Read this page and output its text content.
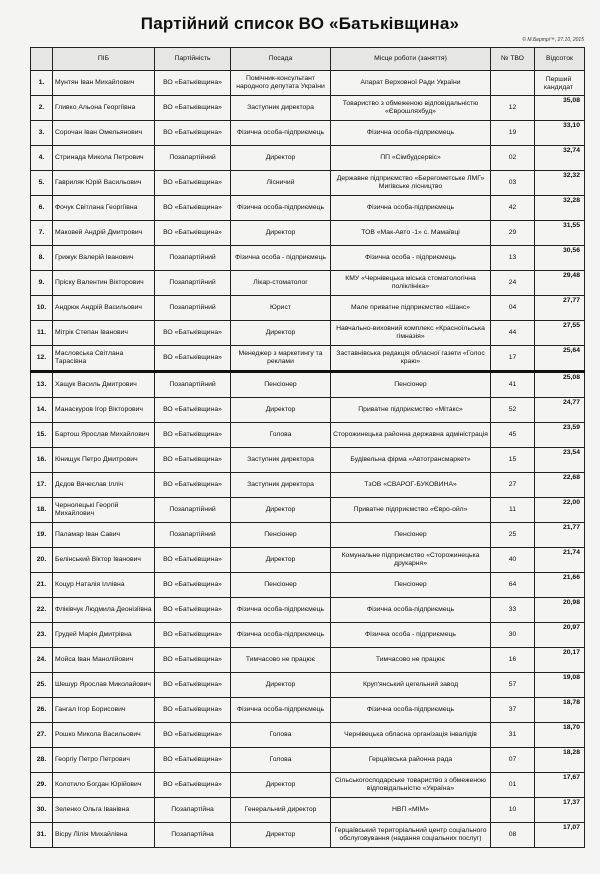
Партійний список ВО «Батьківщина»
© М.Бертрі™, 27.10, 2015
	ПІБ	Партійність	Посада	Місце роботи (заняття)	№ ТВО	Відсоток
1.	Мунтян Іван Михайлович	ВО «Батьківщина»	Помічник-консультант народного депутата України	Апарат Верховної Ради України		Перший кандидат
2.	Гливко Альона Георгіївна	ВО «Батьківщина»	Заступник директора	Товариство з обмеженою відповідальністю «Єврошляхбуд»	12	35,08
3.	Сорочан Іван Омельянович	ВО «Батьківщина»	Фізична особа-підприємець	Фізична особа-підприємець	19	33,10
4.	Стринада Микола Петрович	Позапартійний	Директор	ПП «Сімбудсервіс»	02	32,74
5.	Гавриляк Юрій Васильович	ВО «Батьківщина»	Лісничий	Державне підприємство «Берегометське ЛМГ» Мигівське лісництво	03	32,32
6.	Фочук Світлана Георгіївна	ВО «Батьківщина»	Фізична особа-підприємець	Фізична особа-підприємець	42	32,28
7.	Маковей Андрій Дмитрович	ВО «Батьківщина»	Директор	ТОВ «Мак-Авто -1» с. Мамаївці	29	31,55
8.	Грижук Валерій Іванович	Позапартійний	Фізична особа - підприємець	Фізична особа - підприємець	13	30,56
9.	Пріску Валентин Вікторович	Позапартійний	Лікар-стоматолог	КМУ «Чернівецька міська стоматологічна поліклініка»	24	29,48
10.	Андрюк Андрій Васильович	Позапартійний	Юрист	Мале приватне підприємство «Шанс»	04	27,77
11.	Мітрік Степан Іванович	ВО «Батьківщина»	Директор	Навчально-виховний комплекс «Красноїльська гімназія»	44	27,55
12.	Масловська Світлана Тарасівна	ВО «Батьківщина»	Менеджер з маркетингу та реклами	Заставнівська редакція обласної газети «Голос краю»	17	25,64
13.	Хащук Василь Дмитрович	Позапартійний	Пенсіонер	Пенсіонер	41	25,08
14.	Манаскуров Ігор Вікторович	ВО «Батьківщина»	Директор	Приватне підприємство «Мітакс»	52	24,77
15.	Бартош Ярослав Михайлович	ВО «Батьківщина»	Голова	Сторожинецька районна державна адміністрація	45	23,59
16.	Кінищук Петро Дмитрович	ВО «Батьківщина»	Заступник директора	Будівельна фірма «Автотрансмаркет»	15	23,54
17.	Дєдов Вячеслав Ілліч	ВО «Батьківщина»	Заступник директора	ТзОВ «СВАРОГ-БУКОВИНА»	27	22,68
18.	Чернолецькі Георгій Михайлович	Позапартійний	Директор	Приватне підприємство «Євро-ойл»	11	22,00
19.	Паламар Іван Савич	Позапартійний	Пенсіонер	Пенсіонер	25	21,77
20.	Белінський Віктор Іванович	ВО «Батьківщина»	Директор	Комунальне підприємство «Сторожинецька друкарня»	40	21,74
21.	Коцур Наталія Іллівна	ВО «Батьківщина»	Пенсіонер	Пенсіонер	64	21,66
22.	Фліківчук Людмила Деонізіївна	ВО «Батьківщина»	Фізична особа-підприємець	Фізична особа-підприємець	33	20,98
23.	Грудей Марія Дмитрівна	ВО «Батьківщина»	Фізична особа-підприємець	Фізична особа - підприємець	30	20,97
24.	Мойса Іван Манолійович	ВО «Батьківщина»	Тимчасово не працює	Тимчасово не працює	16	20,17
25.	Шешур Ярослав Миколайович	ВО «Батьківщина»	Директор	Круп'янський цегельний завод	57	19,08
26.	Гангал Ігор Борисович	ВО «Батьківщина»	Фізична особа-підприємець	Фізична особа-підприємець	37	18,78
27.	Рошко Микола Васильович	ВО «Батьківщина»	Голова	Чернівецька обласна організація інвалідів	31	18,70
28.	Георгіу Петро Петрович	ВО «Батьківщина»	Голова	Герцаївська районна рада	07	18,28
29.	Колотило Богдан Юрійович	ВО «Батьківщина»	Директор	Сільськогосподарське товариство з обмеженою відповідальністю «Україна»	01	17,67
30.	Зеленко Ольга Іванівна	Позапартійна	Генеральний директор	НВП «МІМ»	10	17,37
31.	Вісру Лілія Михайлівна	Позапартійна	Директор	Герцаївський територіальний центр соціального обслуговування (надання соціальних послуг)	08	17,07
